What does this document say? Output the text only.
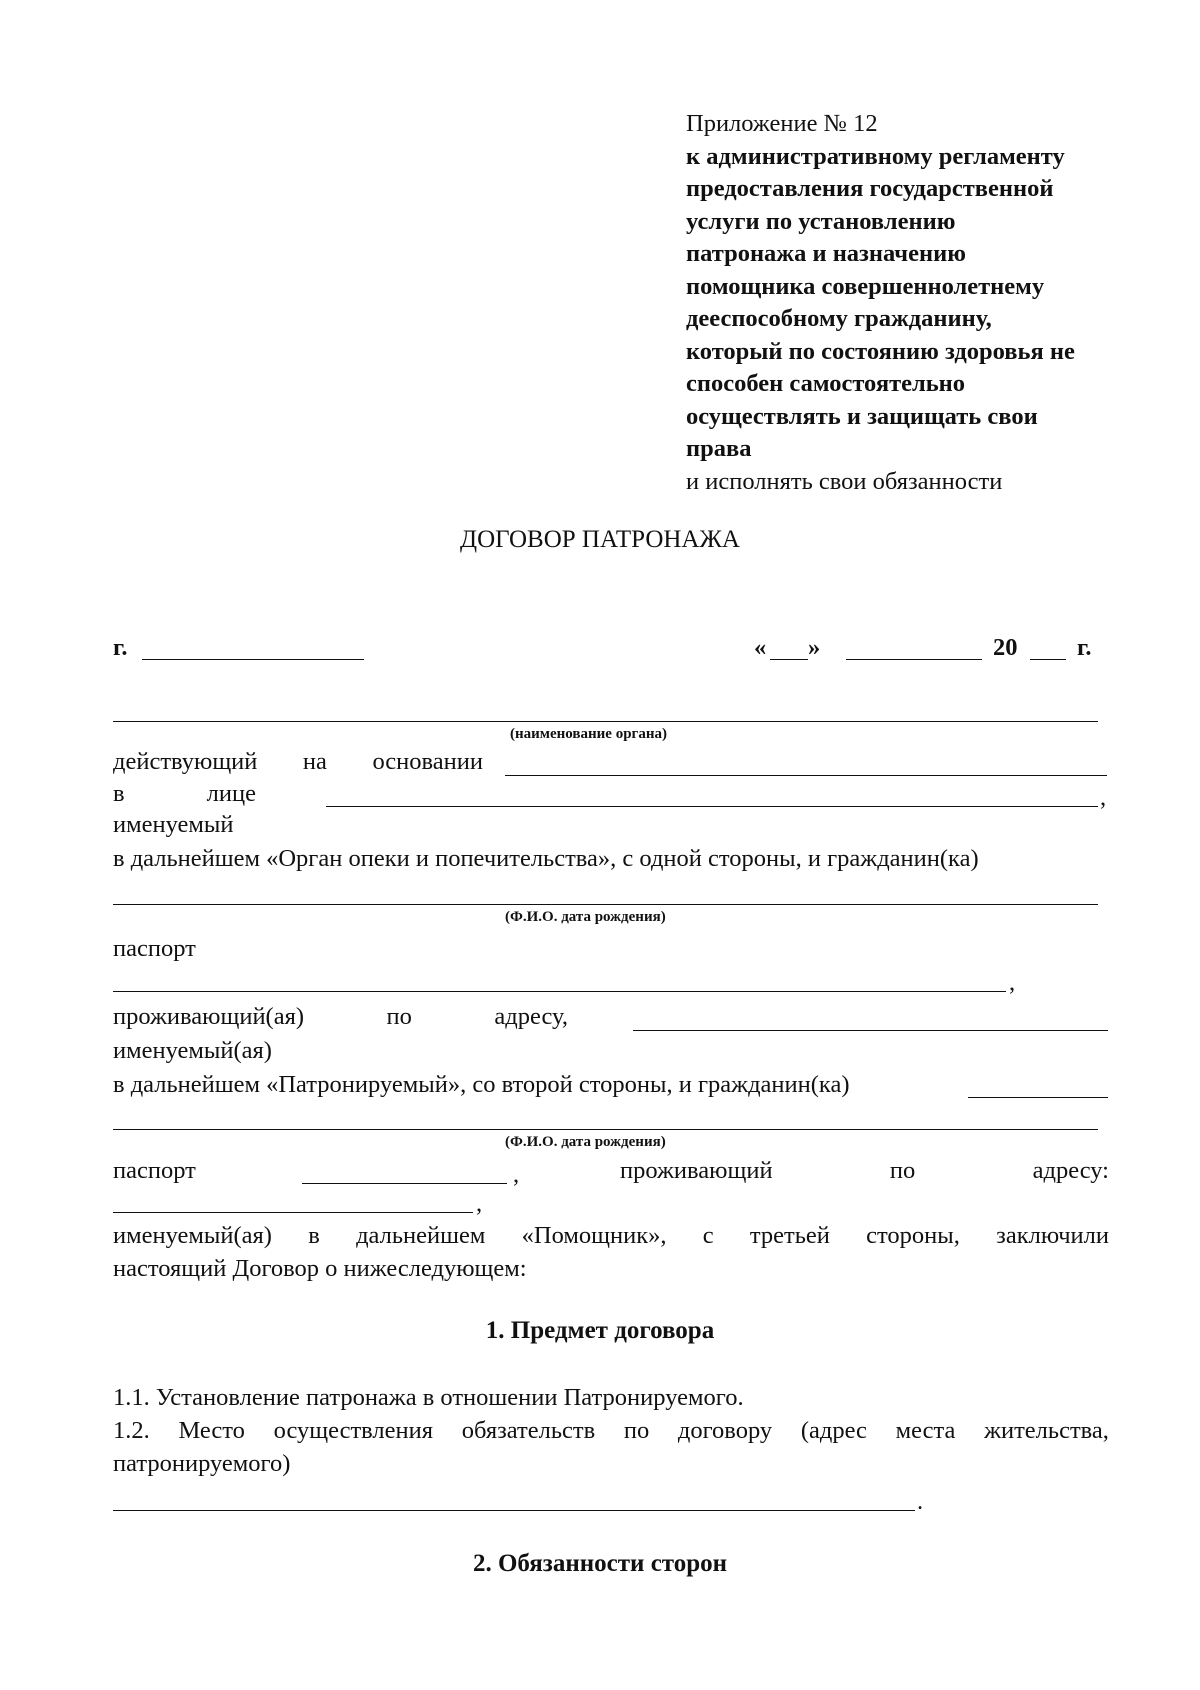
Приложение № 12
к административному регламенту
предоставления государственной
услуги по установлению
патронажа и назначению
помощника совершеннолетнему
дееспособному гражданину,
который по состоянию здоровья не
способен самостоятельно
осуществлять и защищать свои
права
и исполнять свои обязанности
ДОГОВОР ПАТРОНАЖА
г.	« »	20 г.
(наименование органа)
действующий на основании
в	лице	,
именуемый
в дальнейшем «Орган опеки и попечительства», с одной стороны, и гражданин(ка)
(Ф.И.О. дата рождения)
паспорт
,
проживающий(ая)	по	адресу,
именуемый(ая)
в дальнейшем «Патронируемый», со второй стороны, и гражданин(ка)
(Ф.И.О. дата рождения)
паспорт	,	проживающий	по	адресу:
,
именуемый(ая) в дальнейшем «Помощник», с третьей стороны, заключили
настоящий Договор о нижеследующем:
1. Предмет договора
1.1. Установление патронажа в отношении Патронируемого.
1.2. Место осуществления обязательств по договору (адрес места жительства,
патронируемого)
.
2. Обязанности сторон
